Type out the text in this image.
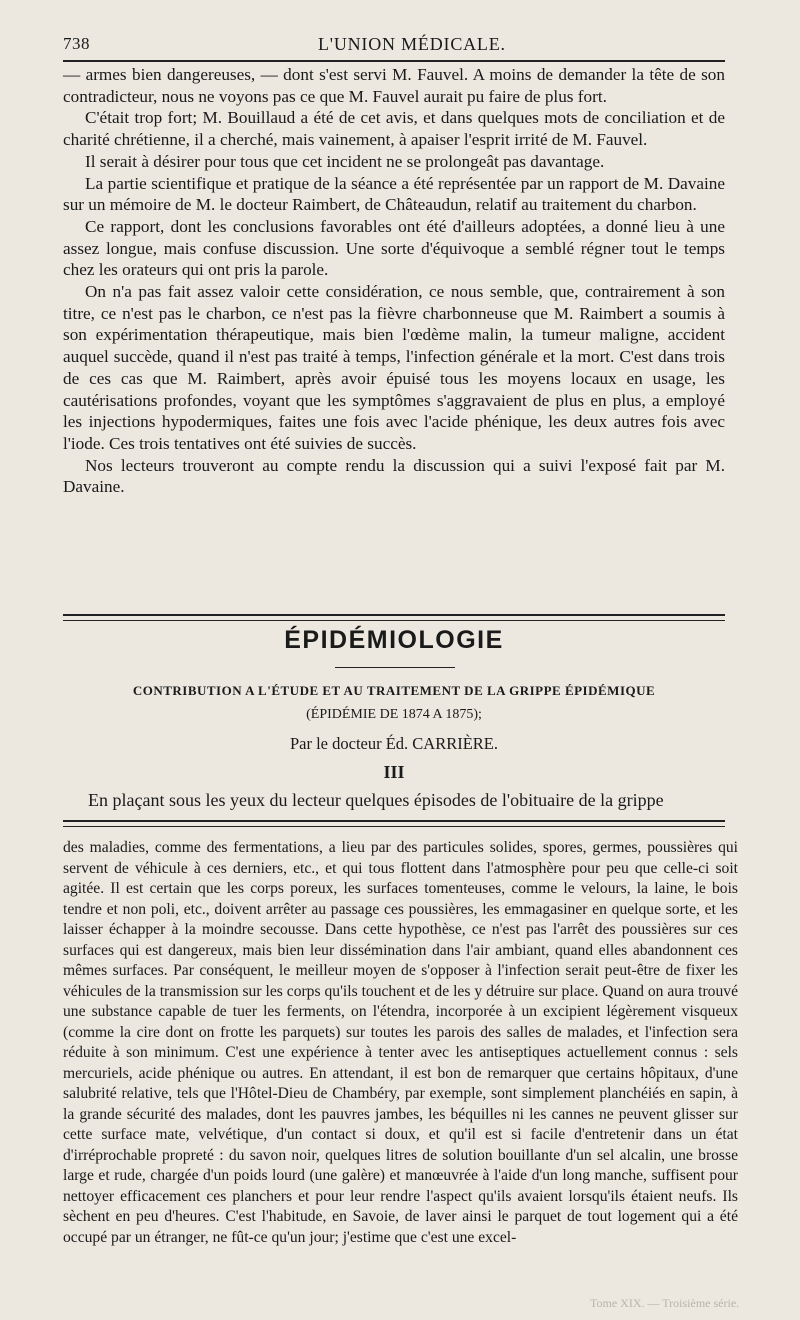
738	L'UNION MÉDICALE.

— armes bien dangereuses, — dont s'est servi M. Fauvel. A moins de demander la tête de son contradicteur, nous ne voyons pas ce que M. Fauvel aurait pu faire de plus fort.

C'était trop fort; M. Bouillaud a été de cet avis, et dans quelques mots de conciliation et de charité chrétienne, il a cherché, mais vainement, à apaiser l'esprit irrité de M. Fauvel.

Il serait à désirer pour tous que cet incident ne se prolongeât pas davantage.

La partie scientifique et pratique de la séance a été représentée par un rapport de M. Davaine sur un mémoire de M. le docteur Raimbert, de Châteaudun, relatif au traitement du charbon.

Ce rapport, dont les conclusions favorables ont été d'ailleurs adoptées, a donné lieu à une assez longue, mais confuse discussion. Une sorte d'équivoque a semblé régner tout le temps chez les orateurs qui ont pris la parole.

On n'a pas fait assez valoir cette considération, ce nous semble, que, contrairement à son titre, ce n'est pas le charbon, ce n'est pas la fièvre charbonneuse que M. Raimbert a soumis à son expérimentation thérapeutique, mais bien l'œdème malin, la tumeur maligne, accident auquel succède, quand il n'est pas traité à temps, l'infection générale et la mort. C'est dans trois de ces cas que M. Raimbert, après avoir épuisé tous les moyens locaux en usage, les cautérisations profondes, voyant que les symptômes s'aggravaient de plus en plus, a employé les injections hypodermiques, faites une fois avec l'acide phénique, les deux autres fois avec l'iode. Ces trois tentatives ont été suivies de succès.

Nos lecteurs trouveront au compte rendu la discussion qui a suivi l'exposé fait par M. Davaine.

ÉPIDÉMIOLOGIE
CONTRIBUTION A L'ÉTUDE ET AU TRAITEMENT DE LA GRIPPE ÉPIDÉMIQUE
(ÉPIDÉMIE DE 1874 A 1875);
Par le docteur Éd. CARRIÈRE.
III
En plaçant sous les yeux du lecteur quelques épisodes de l'obituaire de la grippe

des maladies, comme des fermentations, a lieu par des particules solides, spores, germes, poussières qui servent de véhicule à ces derniers, etc., et qui tous flottent dans l'atmosphère pour peu que celle-ci soit agitée. Il est certain que les corps poreux, les surfaces tomenteuses, comme le velours, la laine, le bois tendre et non poli, etc., doivent arrêter au passage ces poussières, les emmagasiner en quelque sorte, et les laisser échapper à la moindre secousse. Dans cette hypothèse, ce n'est pas l'arrêt des poussières sur ces surfaces qui est dangereux, mais bien leur dissémination dans l'air ambiant, quand elles abandonnent ces mêmes surfaces. Par conséquent, le meilleur moyen de s'opposer à l'infection serait peut-être de fixer les véhicules de la transmission sur les corps qu'ils touchent et de les y détruire sur place. Quand on aura trouvé une substance capable de tuer les ferments, on l'étendra, incorporée à un excipient légèrement visqueux (comme la cire dont on frotte les parquets) sur toutes les parois des salles de malades, et l'infection sera réduite à son minimum. C'est une expérience à tenter avec les antiseptiques actuellement connus : sels mercuriels, acide phénique ou autres. En attendant, il est bon de remarquer que certains hôpitaux, d'une salubrité relative, tels que l'Hôtel-Dieu de Chambéry, par exemple, sont simplement planchéiés en sapin, à la grande sécurité des malades, dont les pauvres jambes, les béquilles ni les cannes ne peuvent glisser sur cette surface mate, velvétique, d'un contact si doux, et qu'il est si facile d'entretenir dans un état d'irréprochable propreté : du savon noir, quelques litres de solution bouillante d'un sel alcalin, une brosse large et rude, chargée d'un poids lourd (une galère) et manœuvrée à l'aide d'un long manche, suffisent pour nettoyer efficacement ces planchers et pour leur rendre l'aspect qu'ils avaient lorsqu'ils étaient neufs. Ils sèchent en peu d'heures. C'est l'habitude, en Savoie, de laver ainsi le parquet de tout logement qui a été occupé par un étranger, ne fût-ce qu'un jour; j'estime que c'est une excel-

Tome XIX. — Troisième série.
